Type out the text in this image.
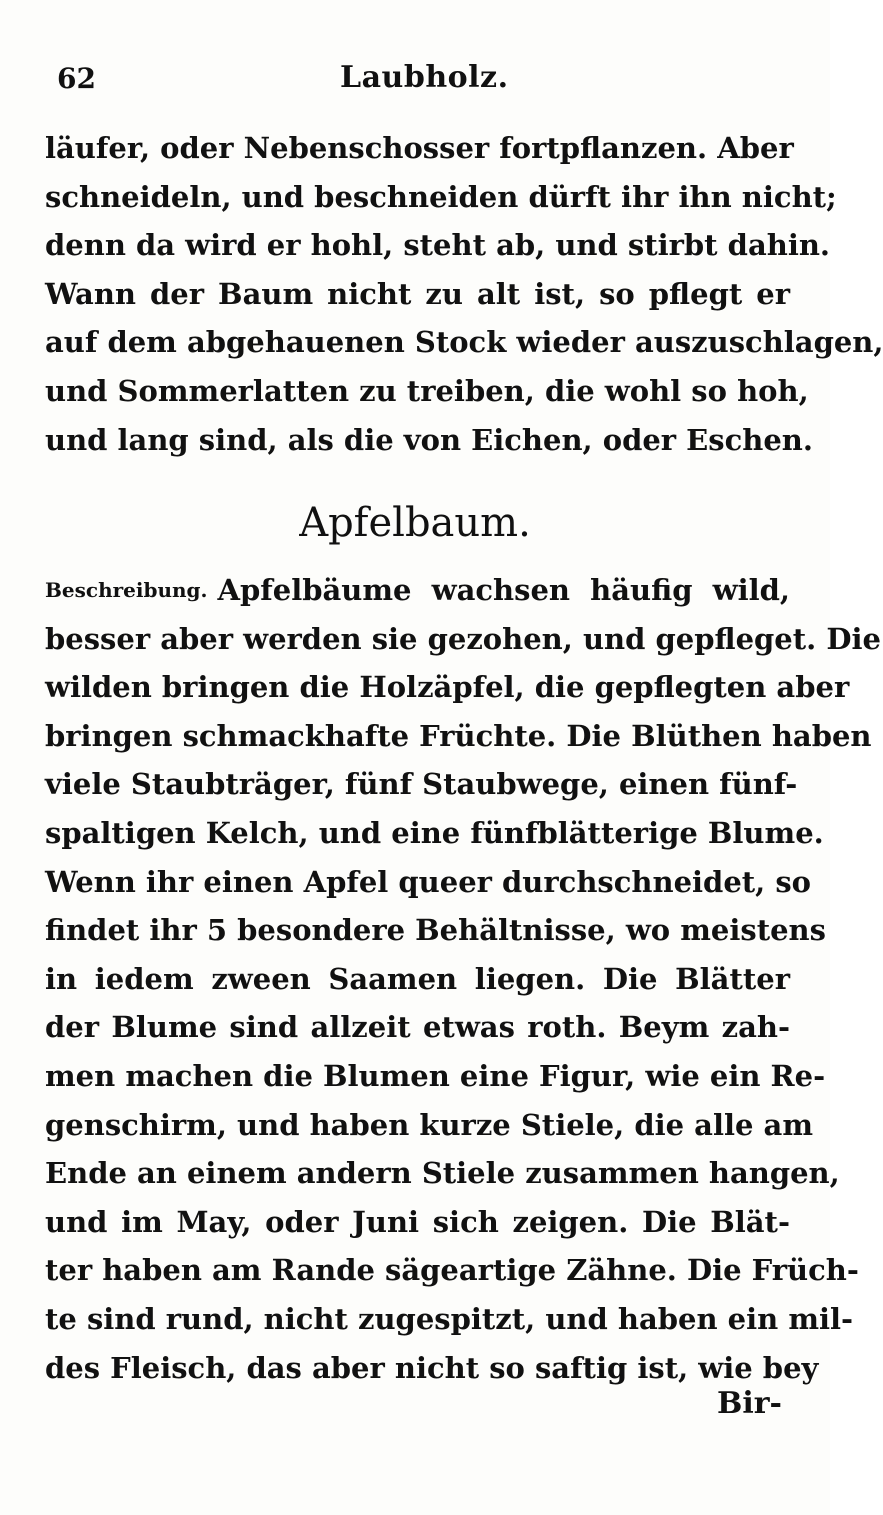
62	Laubholz.
läufer, oder Nebenschosser fortpflanzen. Aber
schneideln, und beschneiden dürft ihr ihn nicht;
denn da wird er hohl, steht ab, und stirbt dahin.
Wann der Baum nicht zu alt ist, so pflegt er
auf dem abgehauenen Stock wieder auszuschlagen,
und Sommerlatten zu treiben, die wohl so hoh,
und lang sind, als die von Eichen, oder Eschen.
Apfelbaum.
Beschreibung. Apfelbäume wachsen häufig wild,
besser aber werden sie gezohen, und gepfleget. Die
wilden bringen die Holzäpfel, die gepflegten aber
bringen schmackhafte Früchte. Die Blüthen haben
viele Staubträger, fünf Staubwege, einen fünf-
spaltigen Kelch, und eine fünfblätterige Blume.
Wenn ihr einen Apfel queer durchschneidet, so
findet ihr 5 besondere Behältnisse, wo meistens
in iedem zween Saamen liegen. Die Blätter
der Blume sind allzeit etwas roth. Beym zah-
men machen die Blumen eine Figur, wie ein Re-
genschirm, und haben kurze Stiele, die alle am
Ende an einem andern Stiele zusammen hangen,
und im May, oder Juni sich zeigen. Die Blät-
ter haben am Rande sägeartige Zähne. Die Früch-
te sind rund, nicht zugespitzt, und haben ein mil-
des Fleisch, das aber nicht so saftig ist, wie bey
Bir-
